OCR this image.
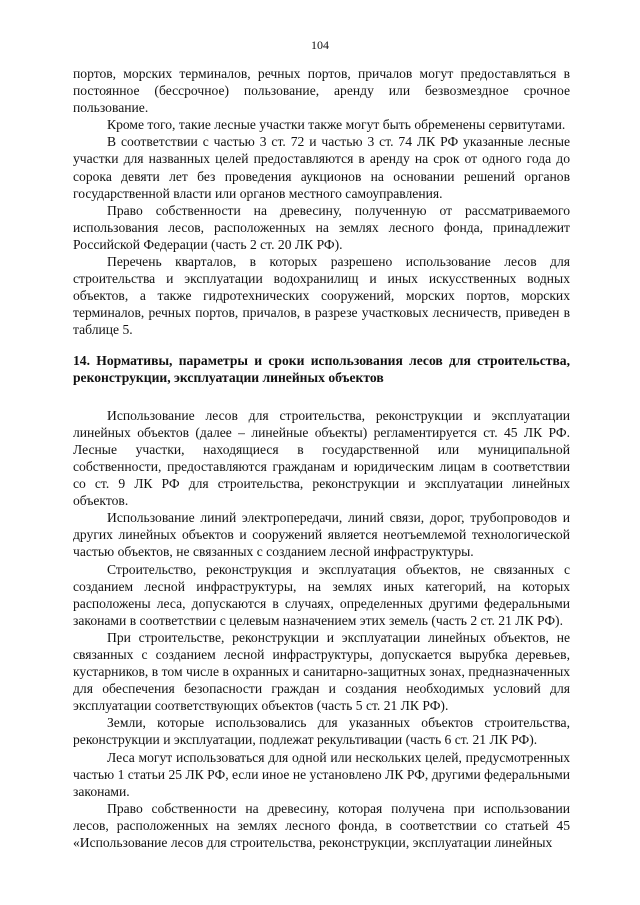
104

портов, морских терминалов, речных портов, причалов могут предоставляться в постоянное (бессрочное) пользование, аренду или безвозмездное срочное пользование.

Кроме того, такие лесные участки также могут быть обременены сервитутами.

В соответствии с частью 3 ст. 72 и частью 3 ст. 74 ЛК РФ указанные лесные участки для названных целей предоставляются в аренду на срок от одного года до сорока девяти лет без проведения аукционов на основании решений органов государственной власти или органов местного самоуправления.

Право собственности на древесину, полученную от рассматриваемого использования лесов, расположенных на землях лесного фонда, принадлежит Российской Федерации (часть 2 ст. 20 ЛК РФ).

Перечень кварталов, в которых разрешено использование лесов для строительства и эксплуатации водохранилищ и иных искусственных водных объектов, а также гидротехнических сооружений, морских портов, морских терминалов, речных портов, причалов, в разрезе участковых лесничеств, приведен в таблице 5.

14. Нормативы, параметры и сроки использования лесов для строительства, реконструкции, эксплуатации линейных объектов

Использование лесов для строительства, реконструкции и эксплуатации линейных объектов (далее – линейные объекты) регламентируется ст. 45 ЛК РФ. Лесные участки, находящиеся в государственной или муниципальной собственности, предоставляются гражданам и юридическим лицам в соответствии со ст. 9 ЛК РФ для строительства, реконструкции и эксплуатации линейных объектов.

Использование линий электропередачи, линий связи, дорог, трубопроводов и других линейных объектов и сооружений является неотъемлемой технологической частью объектов, не связанных с созданием лесной инфраструктуры.

Строительство, реконструкция и эксплуатация объектов, не связанных с созданием лесной инфраструктуры, на землях иных категорий, на которых расположены леса, допускаются в случаях, определенных другими федеральными законами в соответствии с целевым назначением этих земель (часть 2 ст. 21 ЛК РФ).

При строительстве, реконструкции и эксплуатации линейных объектов, не связанных с созданием лесной инфраструктуры, допускается вырубка деревьев, кустарников, в том числе в охранных и санитарно-защитных зонах, предназначенных для обеспечения безопасности граждан и создания необходимых условий для эксплуатации соответствующих объектов (часть 5 ст. 21 ЛК РФ).

Земли, которые использовались для указанных объектов строительства, реконструкции и эксплуатации, подлежат рекультивации (часть 6 ст. 21 ЛК РФ).

Леса могут использоваться для одной или нескольких целей, предусмотренных частью 1 статьи 25 ЛК РФ, если иное не установлено ЛК РФ, другими федеральными законами.

Право собственности на древесину, которая получена при использовании лесов, расположенных на землях лесного фонда, в соответствии со статьей 45 «Использование лесов для строительства, реконструкции, эксплуатации линейных
